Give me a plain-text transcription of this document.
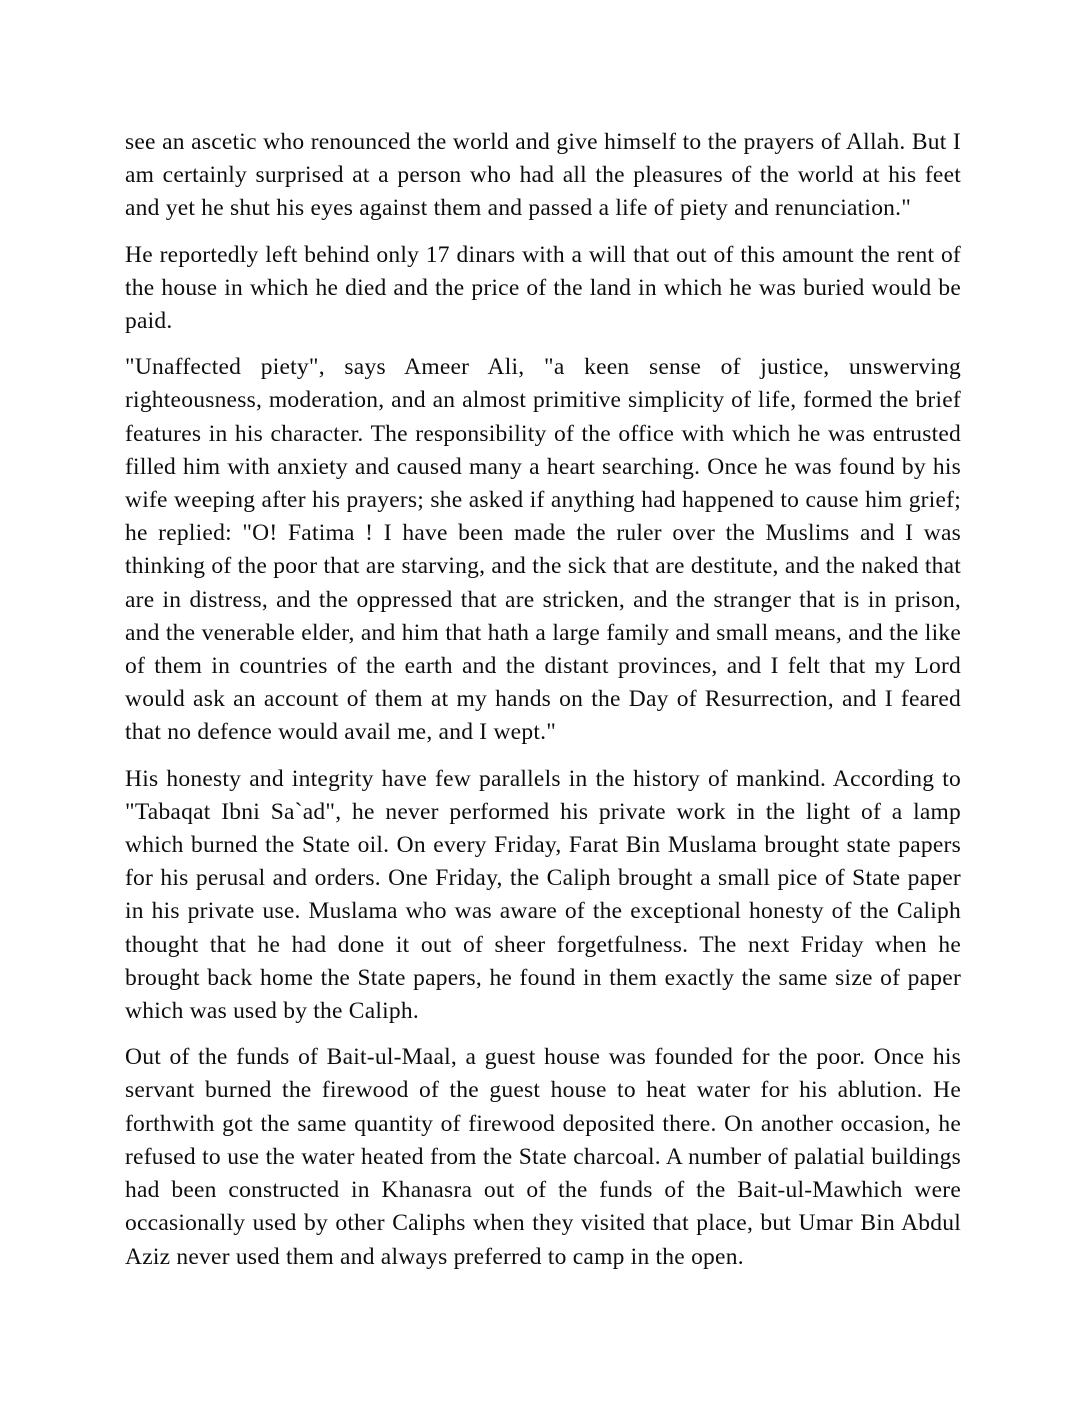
see an ascetic who renounced the world and give himself to the prayers of Allah. But I am certainly surprised at a person who had all the pleasures of the world at his feet and yet he shut his eyes against them and passed a life of piety and renunciation."

He reportedly left behind only 17 dinars with a will that out of this amount the rent of the house in which he died and the price of the land in which he was buried would be paid.

"Unaffected piety", says Ameer Ali, "a keen sense of justice, unswerving righteousness, moderation, and an almost primitive simplicity of life, formed the brief features in his character. The responsibility of the office with which he was entrusted filled him with anxiety and caused many a heart searching. Once he was found by his wife weeping after his prayers; she asked if anything had happened to cause him grief; he replied: "O! Fatima ! I have been made the ruler over the Muslims and I was thinking of the poor that are starving, and the sick that are destitute, and the naked that are in distress, and the oppressed that are stricken, and the stranger that is in prison, and the venerable elder, and him that hath a large family and small means, and the like of them in countries of the earth and the distant provinces, and I felt that my Lord would ask an account of them at my hands on the Day of Resurrection, and I feared that no defence would avail me, and I wept."

His honesty and integrity have few parallels in the history of mankind. According to "Tabaqat Ibni Sa`ad", he never performed his private work in the light of a lamp which burned the State oil. On every Friday, Farat Bin Muslama brought state papers for his perusal and orders. One Friday, the Caliph brought a small pice of State paper in his private use. Muslama who was aware of the exceptional honesty of the Caliph thought that he had done it out of sheer forgetfulness. The next Friday when he brought back home the State papers, he found in them exactly the same size of paper which was used by the Caliph.

Out of the funds of Bait-ul-Maal, a guest house was founded for the poor. Once his servant burned the firewood of the guest house to heat water for his ablution. He forthwith got the same quantity of firewood deposited there. On another occasion, he refused to use the water heated from the State charcoal. A number of palatial buildings had been constructed in Khanasra out of the funds of the Bait-ul-Mawhich were occasionally used by other Caliphs when they visited that place, but Umar Bin Abdul Aziz never used them and always preferred to camp in the open.
